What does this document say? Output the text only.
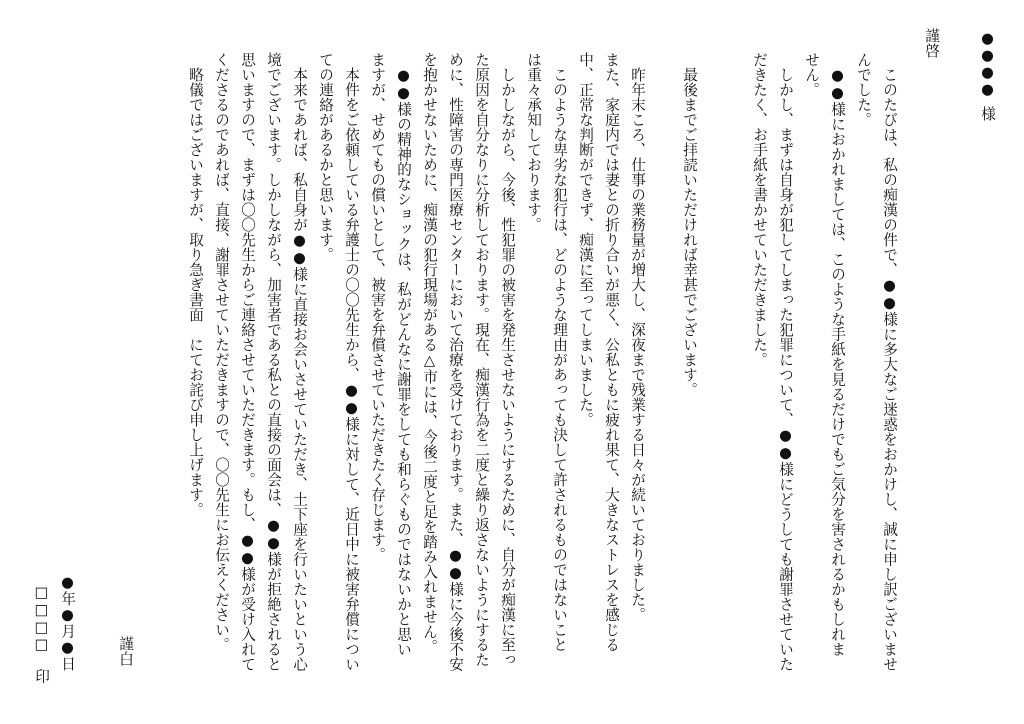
●●●●様
謹啓
　このたびは、私の痴漢の件で、●●様に多大なご迷惑をおかけし、誠に申し訳ございませ
んでした。
　●●様におかれましては、このような手紙を見るだけでもご気分を害されるかもしれま
せん。
　しかし、まずは自身が犯してしまった犯罪について、●●様にどうしても謝罪させていた
だきたく、お手紙を書かせていただきました。
　最後までご拝読いただければ幸甚でございます。
　昨年末ころ、仕事の業務量が増大し、深夜まで残業する日々が続いておりました。
また、家庭内では妻との折り合いが悪く、公私ともに疲れ果て、大きなストレスを感じる
中、正常な判断ができず、痴漢に至ってしまいました。
　このような卑劣な犯行は、どのような理由があっても決して許されるものではないこと
は重々承知しております。
　しかしながら、今後、性犯罪の被害を発生させないようにするために、自分が痴漢に至っ
た原因を自分なりに分析しております。現在、痴漢行為を二度と繰り返さないようにするた
めに、性障害の専門医療センターにおいて治療を受けております。また、●●様に今後不安
を抱かせないために、痴漢の犯行現場がある△市には、今後二度と足を踏み入れません。
　●●様の精神的なショックは、私がどんなに謝罪をしても和らぐものではないかと思い
ますが、せめてもの償いとして、被害を弁償させていただきたく存じます。
　本件をご依頼している弁護士の〇〇先生から、●●様に対して、近日中に被害弁償につい
ての連絡があるかと思います。
　本来であれば、私自身が●●様に直接お会いさせていただき、土下座を行いたいという心
境でございます。しかしながら、加害者である私との直接の面会は、●●様が拒絶されると
思いますので、まずは〇〇先生からご連絡させていただきます。もし、●●様が受け入れて
くださるのであれば、直接、謝罪させていただきますので、〇〇先生にお伝えください。
　略儀ではございますが、取り急ぎ書面　にてお詫び申し上げます。
謹白
●年●月●日
□□□□　印
